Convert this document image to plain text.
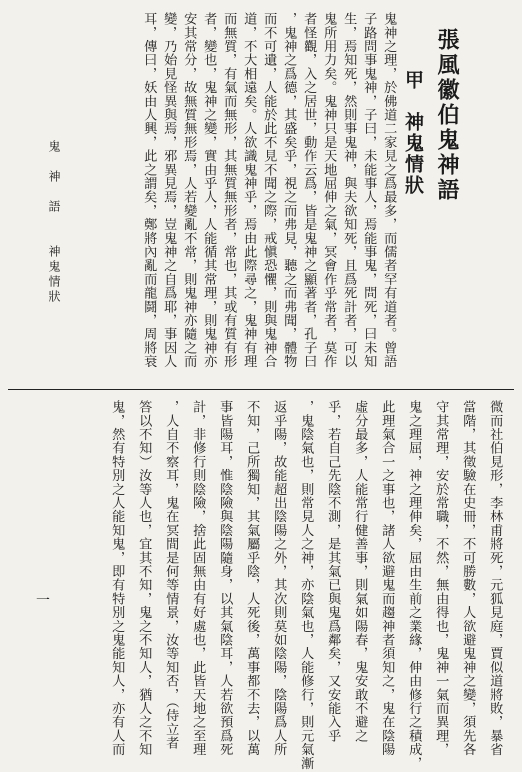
張風徽伯鬼神語
甲　神鬼情狀
鬼神之理，於佛道二家見之爲最多，而儒者罕有道者。曾語
子路問事鬼神，子曰，未能事人，焉能事鬼，問死，曰未知
生，焉知死，然則事鬼神，與夫欲知死，且爲死計者，可以
鬼所用力矣。鬼神只是天地屈伸之氣，冥會作乎常者，莫作
者怪觀，入之居世，動作云爲，皆是鬼神之顯著者，孔子曰
，鬼神之爲德，其盛矣乎，視之而弗見，聽之而弗聞，體物
而不可遺，人能於此不見不聞之際，戒愼恐懼，則與鬼神合
道，不大相遠矣。人欲識鬼神乎，焉由此際尋之，鬼神有理
而無質，有氣而無形，其無質無形者，常也，其或有質有形
者，變也，鬼神之變，實由乎人，人能循其常理，則鬼神亦
安其常分，故無質無形焉，人若變亂不常，則鬼神亦隨之而
變，乃始見怪異與焉，邪異見焉，豈鬼神之自爲耶，事因人
耳，傳曰，妖由人興，此之謂矣，鄭將內亂而龍鬪，周將衰
鬼　神　語　　神鬼情狀
微而社伯見形，李林甫將死，元狐見庭，賈似道將敗，暴省
當階，其徵驗在史冊，不可勝數，人欲避鬼神之變，須先各
守其常理，安於常職，不然，無由得也，鬼神一氣而異理，
鬼之理屈，神之理伸矣，屈由生前之業緣，伸由修行之積成，
此理氣合一之事也，諸人欲避鬼而趨神者須知之，鬼在陰陽
虛分最多，人能常行健善事，則氣如陽春，鬼安敢不避之
乎，若自己先陰不測，是其氣已與鬼爲鄰矣，又安能入乎
，鬼陰氣也，則常見人之神，亦陰氣也，人能修行，則元氣漸
返乎陽，故能超出陰陽之外，其次則莫如陰陽，陰陽爲人所
不知，己所獨知，其氣屬乎陰，人死後，萬事都不去，以萬
事皆陽耳，惟陰險與陰陽隨身，以其氣陰耳，人若欲預爲死
計，非修行則陰險，捨此固無由有好處也，此皆天地之至理
，人自不察耳，鬼在冥間是何等情景，汝等知否，（侍立者
答以不知）汝等人也，宜其不知，鬼之不知人，猶人之不知
鬼，然有特別之人能知鬼，即有特別之鬼能知人，亦有人而
一
